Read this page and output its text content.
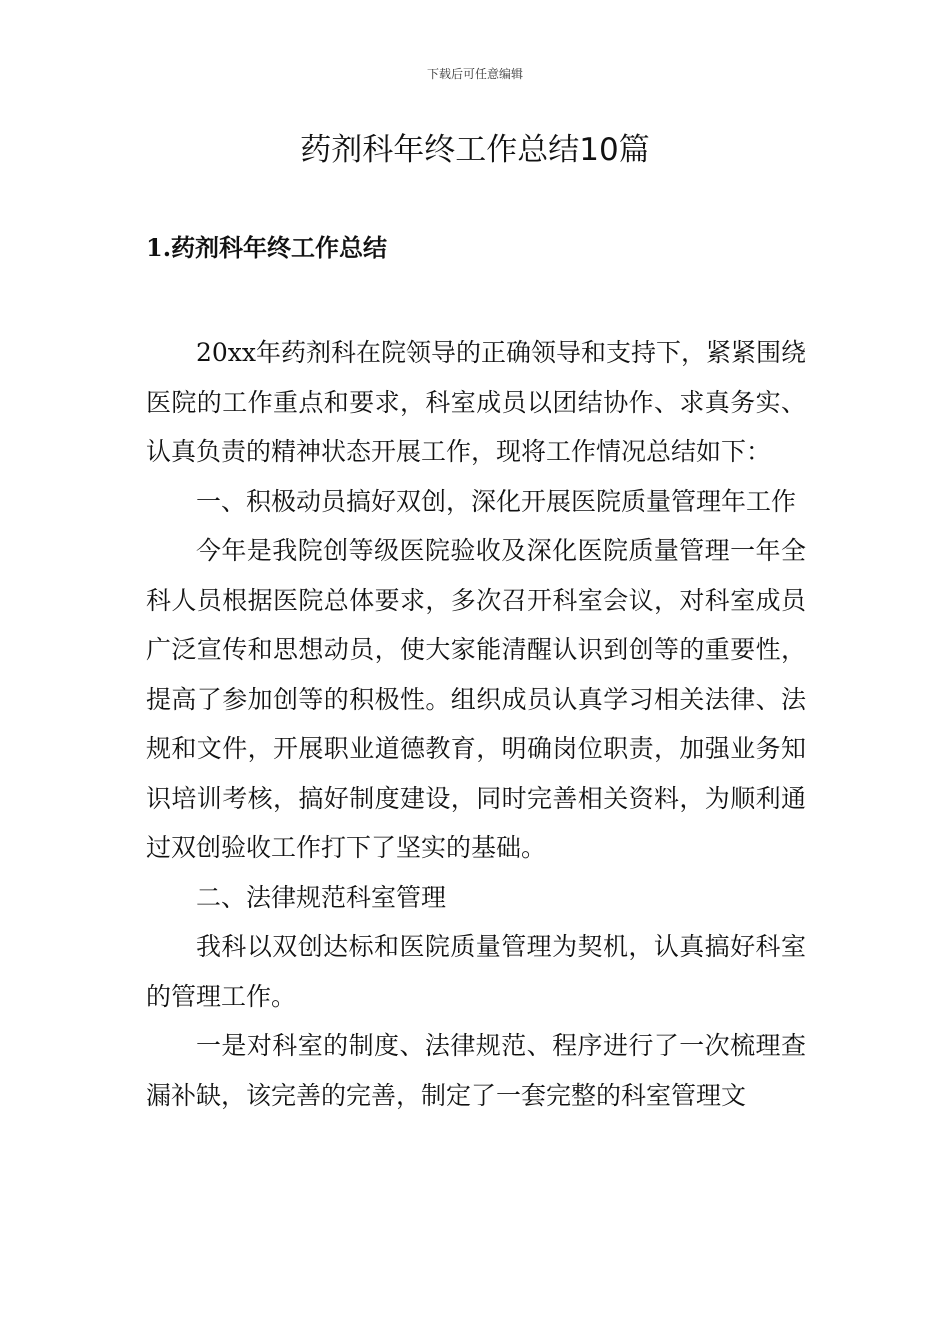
下载后可任意编辑
药剂科年终工作总结10篇
1.药剂科年终工作总结

20xx年药剂科在院领导的正确领导和支持下，紧紧围绕医院的工作重点和要求，科室成员以团结协作、求真务实、认真负责的精神状态开展工作，现将工作情况总结如下：

一、积极动员搞好双创，深化开展医院质量管理年工作

今年是我院创等级医院验收及深化医院质量管理一年全科人员根据医院总体要求，多次召开科室会议，对科室成员广泛宣传和思想动员，使大家能清醒认识到创等的重要性，提高了参加创等的积极性。组织成员认真学习相关法律、法规和文件，开展职业道德教育，明确岗位职责，加强业务知识培训考核，搞好制度建设，同时完善相关资料，为顺利通过双创验收工作打下了坚实的基础。

二、法律规范科室管理

我科以双创达标和医院质量管理为契机，认真搞好科室的管理工作。

一是对科室的制度、法律规范、程序进行了一次梳理查漏补缺，该完善的完善，制定了一套完整的科室管理文
